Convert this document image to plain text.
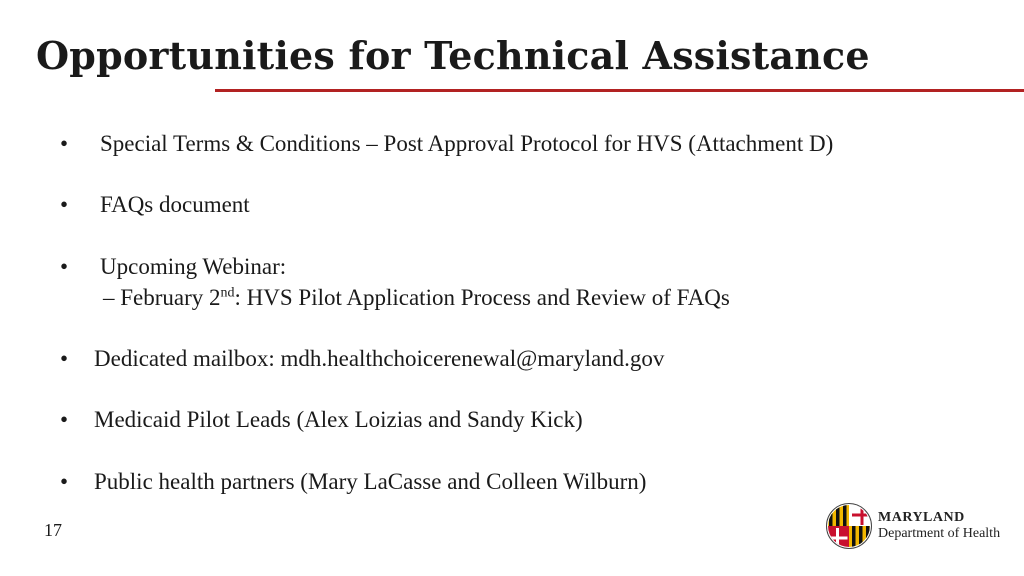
Opportunities for Technical Assistance
• Special Terms & Conditions – Post Approval Protocol for HVS (Attachment D)
• FAQs document
• Upcoming Webinar:
– February 2nd: HVS Pilot Application Process and Review of FAQs
• Dedicated mailbox: mdh.healthchoicerenewal@maryland.gov
• Medicaid Pilot Leads (Alex Loizias and Sandy Kick)
• Public health partners (Mary LaCasse and Colleen Wilburn)
17
MARYLAND
Department of Health
